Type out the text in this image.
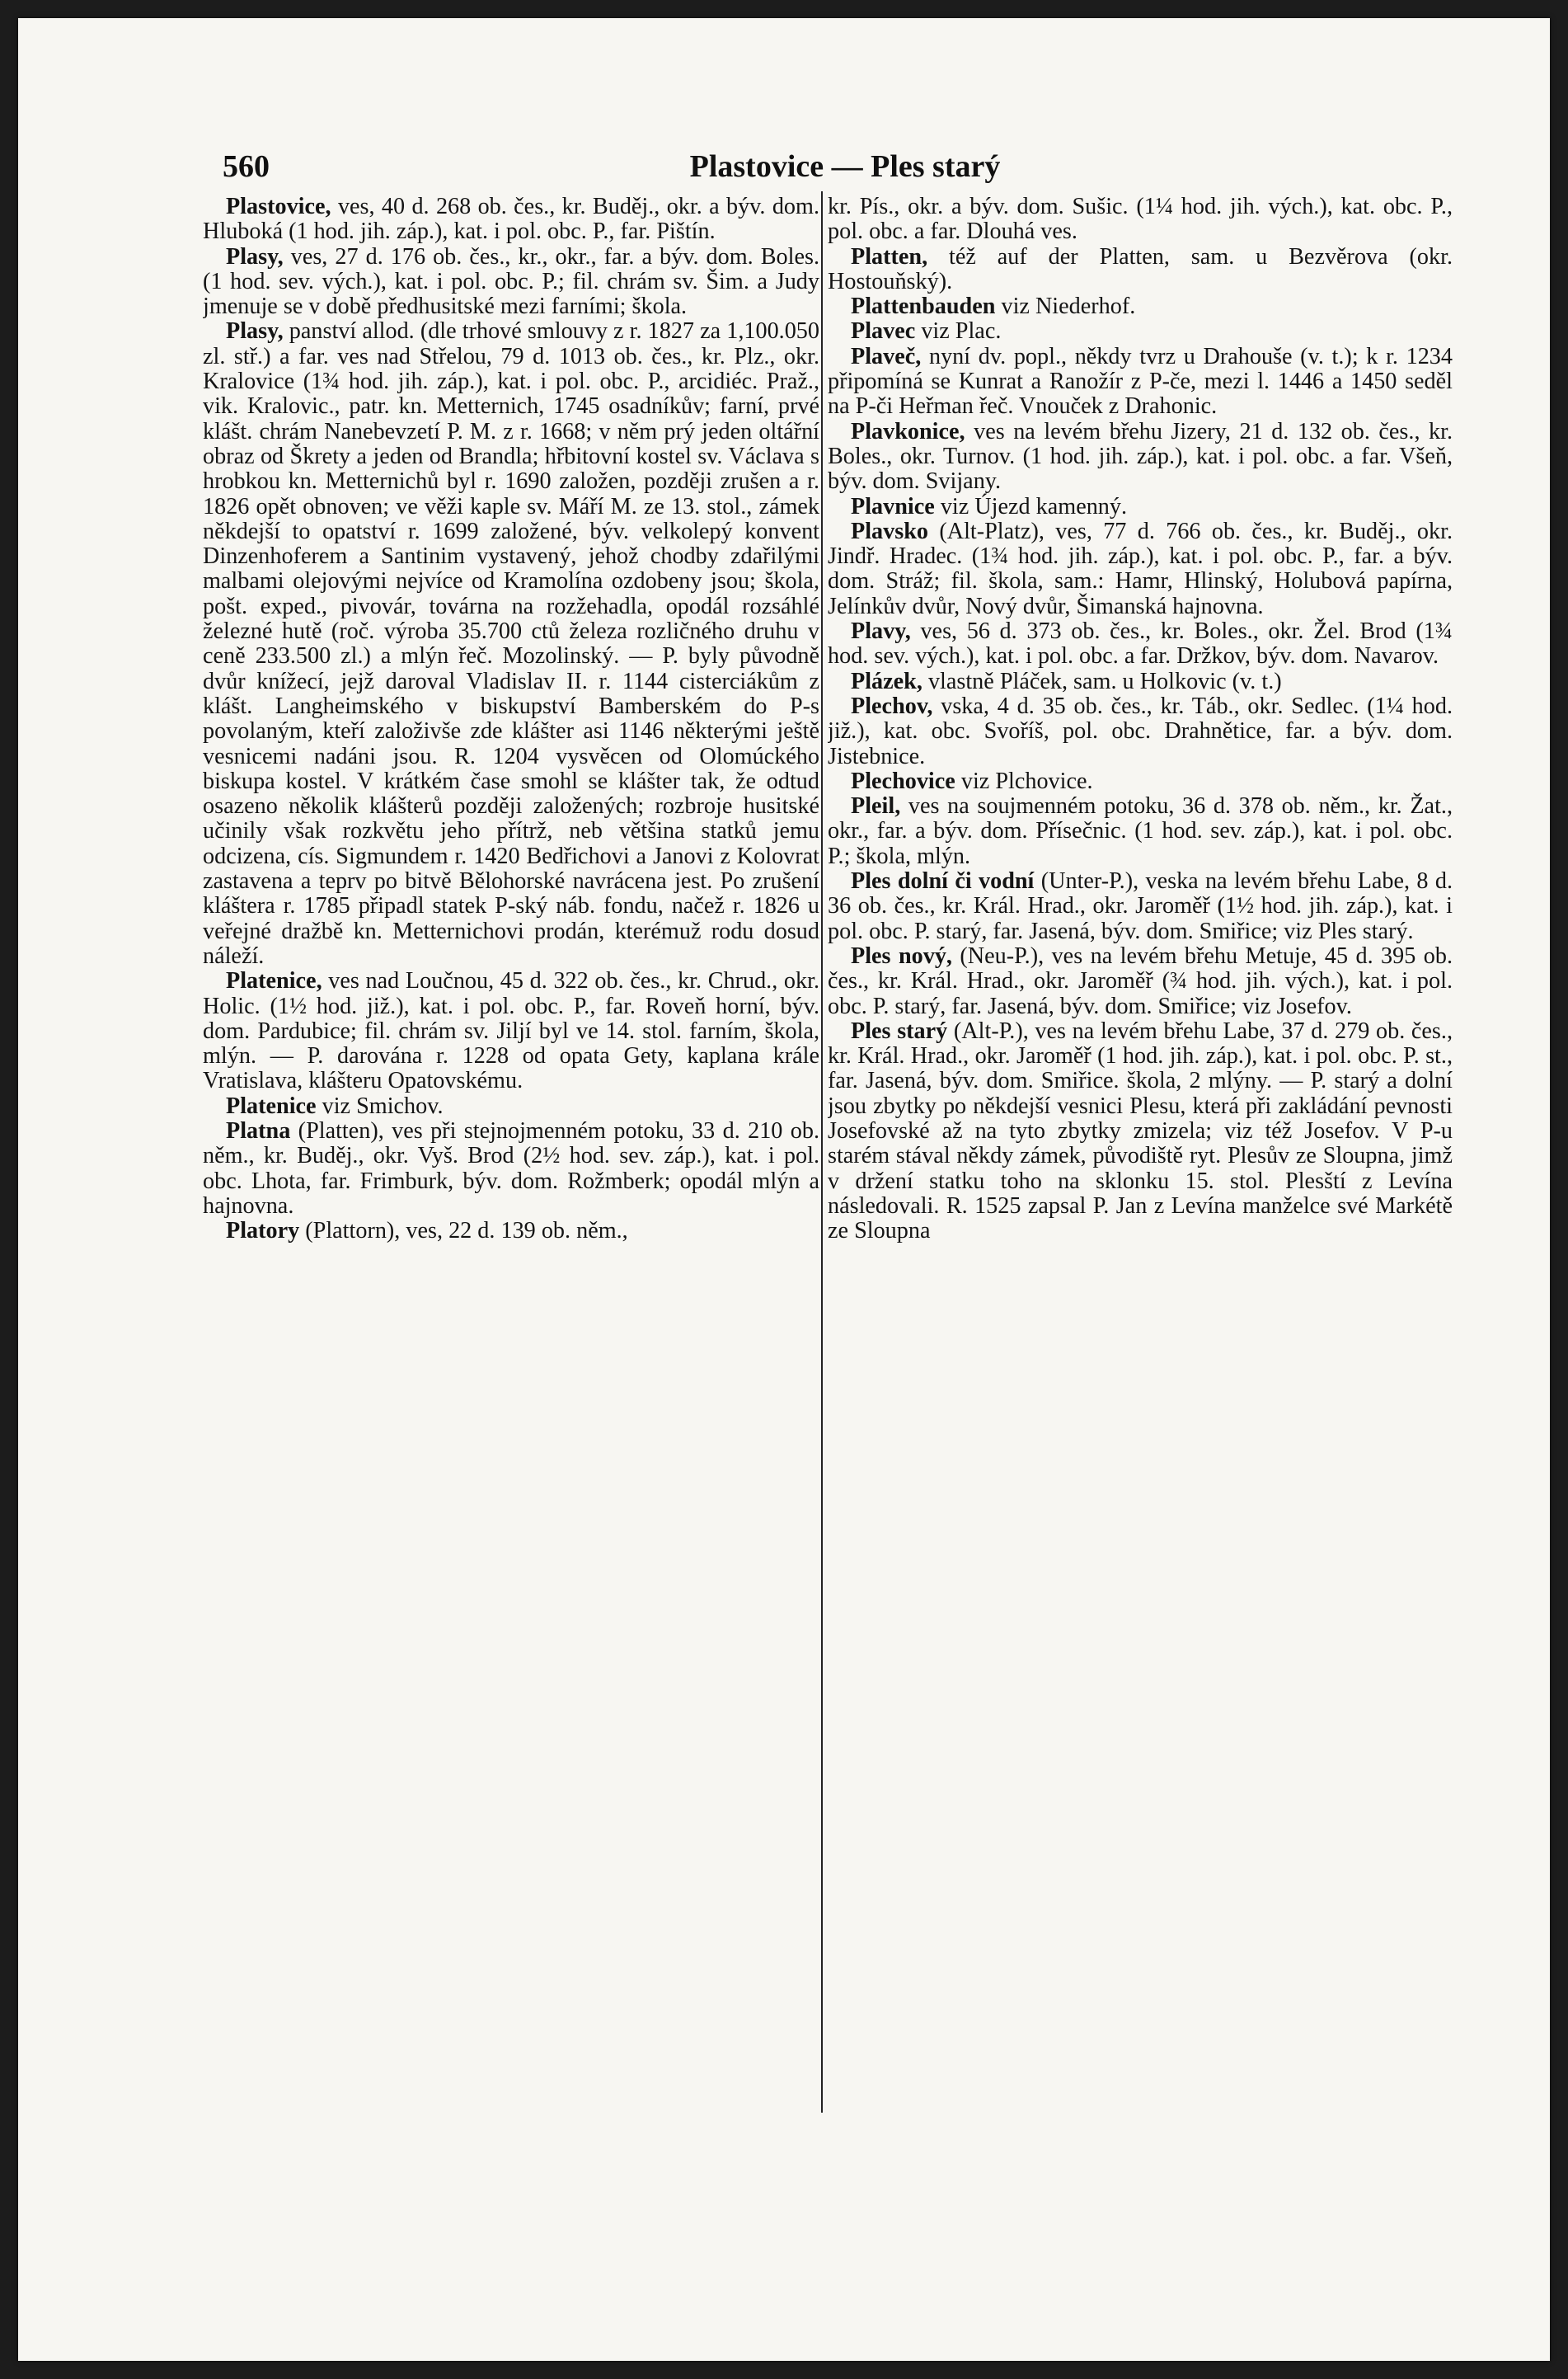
560	Plastovice — Ples starý

Plastovice, ves, 40 d. 268 ob. čes., kr. Buděj., okr. a býv. dom. Hluboká (1 hod. jih. záp.), kat. i pol. obc. P., far. Pištín.

Plasy, ves, 27 d. 176 ob. čes., kr., okr., far. a býv. dom. Boles. (1 hod. sev. vých.), kat. i pol. obc. P.; fil. chrám sv. Šim. a Judy jmenuje se v době předhusitské mezi farními; škola.

Plasy, panství allod. (dle trhové smlouvy z r. 1827 za 1,100.050 zl. stř.) a far. ves nad Střelou, 79 d. 1013 ob. čes., kr. Plz., okr. Kralovice (1¾ hod. jih. záp.), kat. i pol. obc. P., arcidiéc. Praž., vik. Kralovic., patr. kn. Metternich, 1745 osadníkův; farní, prvé klášt. chrám Nanebevzetí P. M. z r. 1668; v něm prý jeden oltářní obraz od Škrety a jeden od Brandla; hřbitovní kostel sv. Václava s hrobkou kn. Metternichů byl r. 1690 založen, později zrušen a r. 1826 opět obnoven; ve věži kaple sv. Máří M. ze 13. stol., zámek někdejší to opatství r. 1699 založené, býv. velkolepý konvent Dinzenhoferem a Santinim vystavený, jehož chodby zdařilými malbami olejovými nejvíce od Kramolína ozdobeny jsou; škola, pošt. exped., pivovár, továrna na rozžehadla, opodál rozsáhlé železné hutě (roč. výroba 35.700 ctů železa rozličného druhu v ceně 233.500 zl.) a mlýn řeč. Mozolinský. — P. byly původně dvůr knížecí, jejž daroval Vladislav II. r. 1144 cisterciákům z klášt. Langheimského v biskupství Bamberském do P-s povolaným, kteří založivše zde klášter asi 1146 některými ještě vesnicemi nadáni jsou. R. 1204 vysvěcen od Olomúckého biskupa kostel. V krátkém čase smohl se klášter tak, že odtud osazeno několik klášterů později založených; rozbroje husitské učinily však rozkvětu jeho přítrž, neb většina statků jemu odcizena, cís. Sigmundem r. 1420 Bedřichovi a Janovi z Kolovrat zastavena a teprv po bitvě Bělohorské navrácena jest. Po zrušení kláštera r. 1785 připadl statek P-ský náb. fondu, načež r. 1826 u veřejné dražbě kn. Metternichovi prodán, kterémuž rodu dosud náleží.

Platenice, ves nad Loučnou, 45 d. 322 ob. čes., kr. Chrud., okr. Holic. (1½ hod. již.), kat. i pol. obc. P., far. Roveň horní, býv. dom. Pardubice; fil. chrám sv. Jiljí byl ve 14. stol. farním, škola, mlýn. — P. darována r. 1228 od opata Gety, kaplana krále Vratislava, klášteru Opatovskému.

Platenice viz Smichov.

Platna (Platten), ves při stejnojmenném potoku, 33 d. 210 ob. něm., kr. Buděj., okr. Vyš. Brod (2½ hod. sev. záp.), kat. i pol. obc. Lhota, far. Frimburk, býv. dom. Rožmberk; opodál mlýn a hajnovna.

Platory (Plattorn), ves, 22 d. 139 ob. něm.,

kr. Pís., okr. a býv. dom. Sušic. (1¼ hod. jih. vých.), kat. obc. P., pol. obc. a far. Dlouhá ves.

Platten, též auf der Platten, sam. u Bezvěrova (okr. Hostouňský).

Plattenbauden viz Niederhof.

Plavec viz Plac.

Plaveč, nyní dv. popl., někdy tvrz u Drahouše (v. t.); k r. 1234 připomíná se Kunrat a Ranožír z P-če, mezi l. 1446 a 1450 seděl na P-či Heřman řeč. Vnouček z Drahonic.

Plavkonice, ves na levém břehu Jizery, 21 d. 132 ob. čes., kr. Boles., okr. Turnov. (1 hod. jih. záp.), kat. i pol. obc. a far. Všeň, býv. dom. Svijany.

Plavnice viz Újezd kamenný.

Plavsko (Alt-Platz), ves, 77 d. 766 ob. čes., kr. Buděj., okr. Jindř. Hradec. (1¾ hod. jih. záp.), kat. i pol. obc. P., far. a býv. dom. Stráž; fil. škola, sam.: Hamr, Hlinský, Holubová papírna, Jelínkův dvůr, Nový dvůr, Šimanská hajnovna.

Plavy, ves, 56 d. 373 ob. čes., kr. Boles., okr. Žel. Brod (1¾ hod. sev. vých.), kat. i pol. obc. a far. Držkov, býv. dom. Navarov.

Plázek, vlastně Pláček, sam. u Holkovic (v. t.)

Plechov, vska, 4 d. 35 ob. čes., kr. Táb., okr. Sedlec. (1¼ hod. již.), kat. obc. Svoříš, pol. obc. Drahnětice, far. a býv. dom. Jistebnice.

Plechovice viz Plchovice.

Pleil, ves na soujmenném potoku, 36 d. 378 ob. něm., kr. Žat., okr., far. a býv. dom. Přísečnic. (1 hod. sev. záp.), kat. i pol. obc. P.; škola, mlýn.

Ples dolní či vodní (Unter-P.), veska na levém břehu Labe, 8 d. 36 ob. čes., kr. Král. Hrad., okr. Jaroměř (1½ hod. jih. záp.), kat. i pol. obc. P. starý, far. Jasená, býv. dom. Smiřice; viz Ples starý.

Ples nový, (Neu-P.), ves na levém břehu Metuje, 45 d. 395 ob. čes., kr. Král. Hrad., okr. Jaroměř (¾ hod. jih. vých.), kat. i pol. obc. P. starý, far. Jasená, býv. dom. Smiřice; viz Josefov.

Ples starý (Alt-P.), ves na levém břehu Labe, 37 d. 279 ob. čes., kr. Král. Hrad., okr. Jaroměř (1 hod. jih. záp.), kat. i pol. obc. P. st., far. Jasená, býv. dom. Smiřice. škola, 2 mlýny. — P. starý a dolní jsou zbytky po někdejší vesnici Plesu, která při zakládání pevnosti Josefovské až na tyto zbytky zmizela; viz též Josefov. V P-u starém stával někdy zámek, původiště ryt. Plesův ze Sloupna, jimž v držení statku toho na sklonku 15. stol. Plesští z Levína následovali. R. 1525 zapsal P. Jan z Levína manželce své Markétě ze Sloupna
